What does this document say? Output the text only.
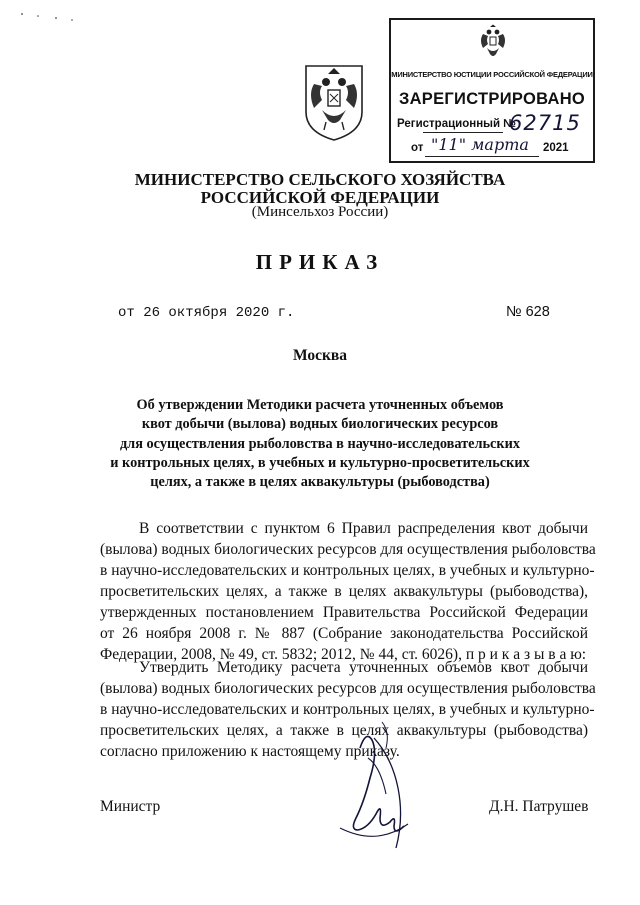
МИНИСТЕРСТВО ЮСТИЦИИ РОССИЙСКОЙ ФЕДЕРАЦИИ
ЗАРЕГИСТРИРОВАНО
Регистрационный №
62715
от "11" марта 2021
МИНИСТЕРСТВО СЕЛЬСКОГО ХОЗЯЙСТВА
РОССИЙСКОЙ ФЕДЕРАЦИИ
(Минсельхоз России)
ПРИКАЗ
от 26 октября 2020 г.	№ 628
Москва
Об утверждении Методики расчета уточненных объемов
квот добычи (вылова) водных биологических ресурсов
для осуществления рыболовства в научно-исследовательских
и контрольных целях, в учебных и культурно-просветительских
целях, а также в целях аквакультуры (рыбоводства)
В соответствии с пунктом 6 Правил распределения квот добычи
(вылова) водных биологических ресурсов для осуществления рыболовства
в научно-исследовательских и контрольных целях, в учебных и культурно-
просветительских целях, а также в целях аквакультуры (рыбоводства),
утвержденных постановлением Правительства Российской Федерации
от 26 ноября 2008 г. № 887 (Собрание законодательства Российской
Федерации, 2008, № 49, ст. 5832; 2012, № 44, ст. 6026), п р и к а з ы в а ю:
Утвердить Методику расчета уточненных объемов квот добычи
(вылова) водных биологических ресурсов для осуществления рыболовства
в научно-исследовательских и контрольных целях, в учебных и культурно-
просветительских целях, а также в целях аквакультуры (рыбоводства)
согласно приложению к настоящему приказу.
Министр	Д.Н. Патрушев
